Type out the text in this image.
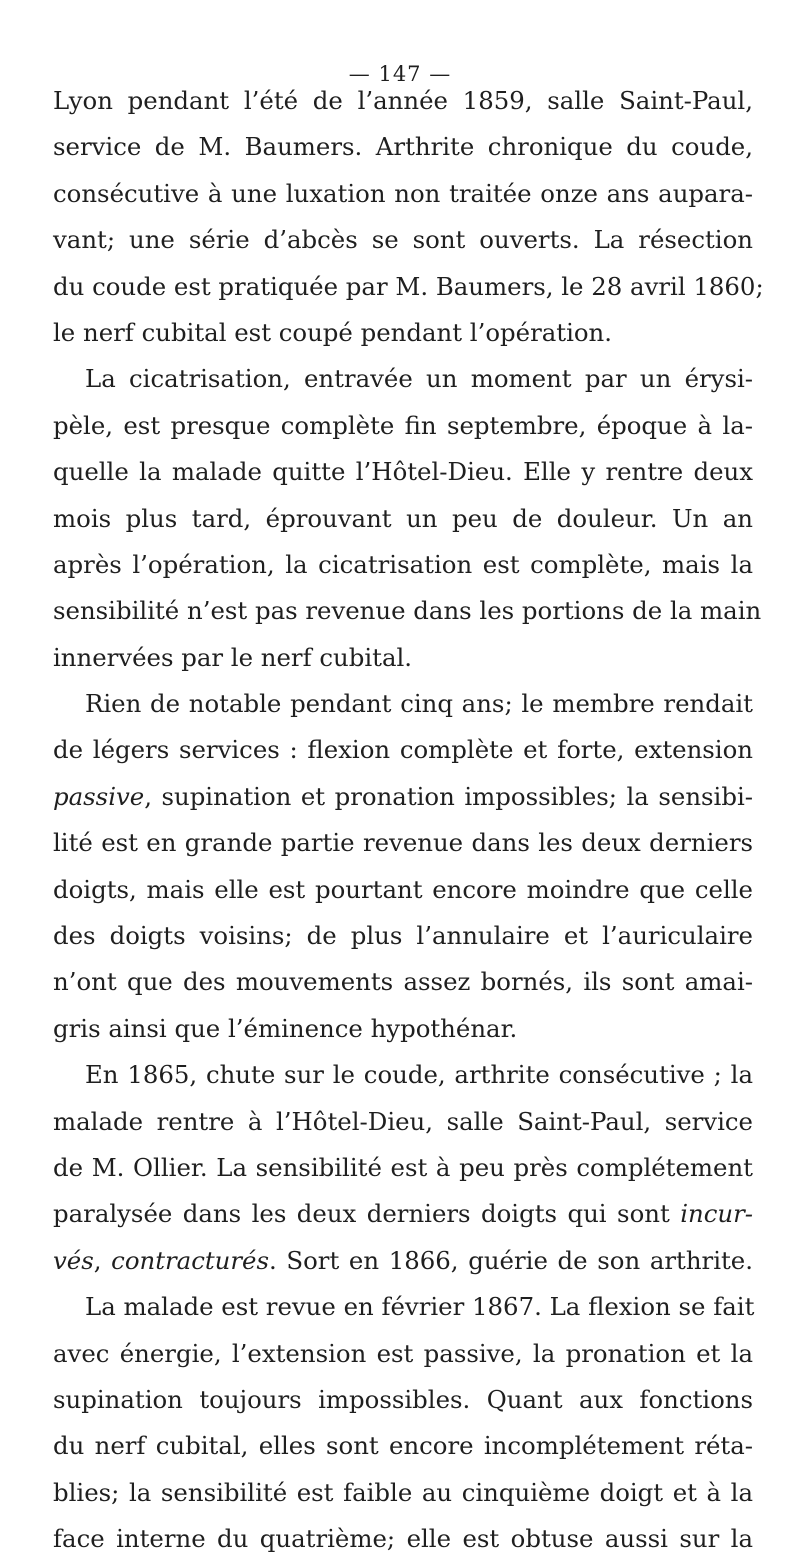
— 147 —
Lyon pendant l’été de l’année 1859, salle Saint-Paul,
service de M. Baumers. Arthrite chronique du coude,
consécutive à une luxation non traitée onze ans aupara-
vant; une série d’abcès se sont ouverts. La résection
du coude est pratiquée par M. Baumers, le 28 avril 1860;
le nerf cubital est coupé pendant l’opération.
La cicatrisation, entravée un moment par un érysi-
pèle, est presque complète fin septembre, époque à la-
quelle la malade quitte l’Hôtel-Dieu. Elle y rentre deux
mois plus tard, éprouvant un peu de douleur. Un an
après l’opération, la cicatrisation est complète, mais la
sensibilité n’est pas revenue dans les portions de la main
innervées par le nerf cubital.
Rien de notable pendant cinq ans; le membre rendait
de légers services : flexion complète et forte, extension
passive, supination et pronation impossibles; la sensibi-
lité est en grande partie revenue dans les deux derniers
doigts, mais elle est pourtant encore moindre que celle
des doigts voisins; de plus l’annulaire et l’auriculaire
n’ont que des mouvements assez bornés, ils sont amai-
gris ainsi que l’éminence hypothénar.
En 1865, chute sur le coude, arthrite consécutive ; la
malade rentre à l’Hôtel-Dieu, salle Saint-Paul, service
de M. Ollier. La sensibilité est à peu près complétement
paralysée dans les deux derniers doigts qui sont incur-
vés, contracturés. Sort en 1866, guérie de son arthrite.
La malade est revue en février 1867. La flexion se fait
avec énergie, l’extension est passive, la pronation et la
supination toujours impossibles. Quant aux fonctions
du nerf cubital, elles sont encore incomplétement réta-
blies; la sensibilité est faible au cinquième doigt et à la
face interne du quatrième; elle est obtuse aussi sur la
